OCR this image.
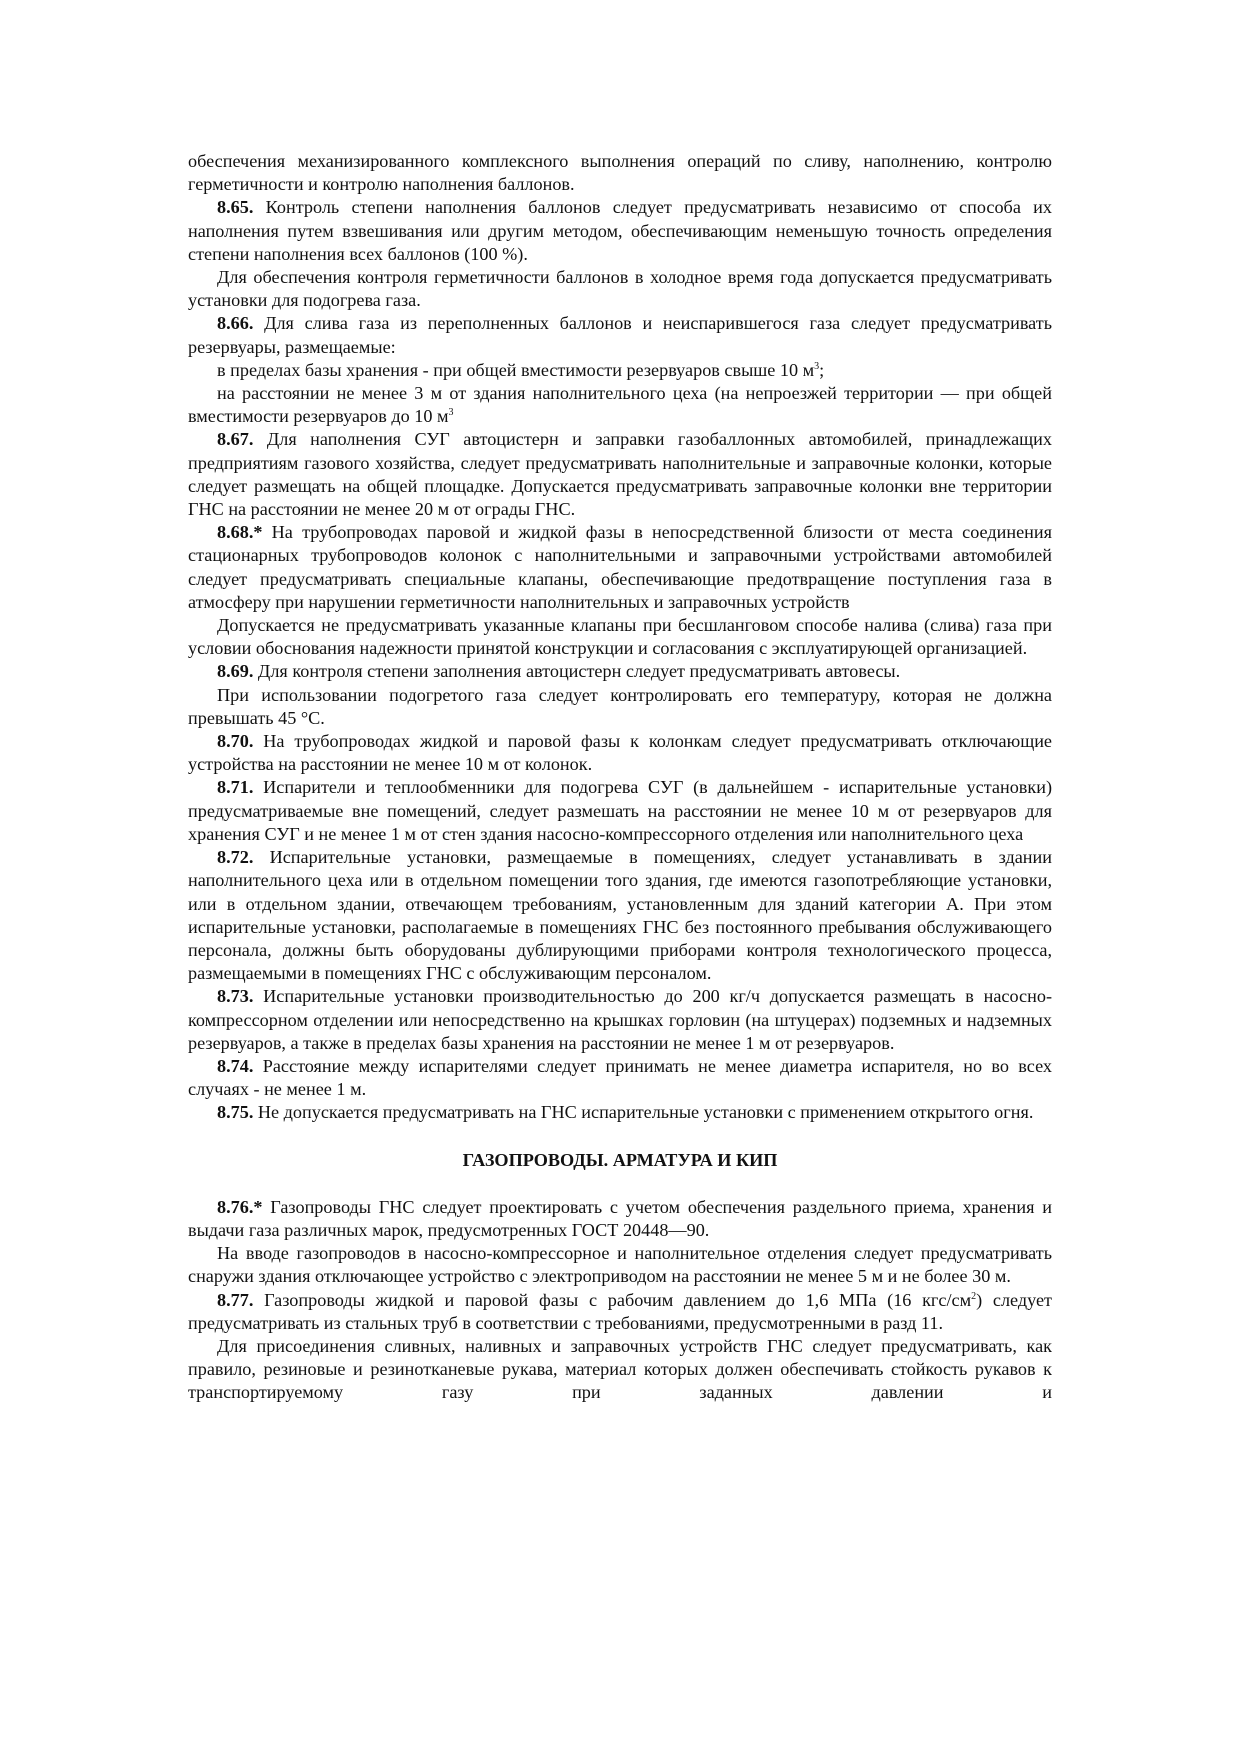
обеспечения механизированного комплексного выполнения операций по сливу, наполнению, контролю герметичности и контролю наполнения баллонов.

8.65. Контроль степени наполнения баллонов следует предусматривать независимо от способа их наполнения путем взвешивания или другим методом, обеспечивающим неменьшую точность определения степени наполнения всех баллонов (100 %).

Для обеспечения контроля герметичности баллонов в холодное время года допускается предусматривать установки для подогрева газа.

8.66. Для слива газа из переполненных баллонов и неиспарившегося газа следует предусматривать резервуары, размещаемые:

в пределах базы хранения - при общей вместимости резервуаров свыше 10 $м^3$;

на расстоянии не менее 3 м от здания наполнительного цеха (на непроезжей территории — при общей вместимости резервуаров до 10 $м^3$

8.67. Для наполнения СУГ автоцистерн и заправки газобаллонных автомобилей, принадлежащих предприятиям газового хозяйства, следует предусматривать наполнительные и заправочные колонки, которые следует размещать на общей площадке. Допускается предусматривать заправочные колонки вне территории ГНС на расстоянии не менее 20 м от ограды ГНС.

8.68.* На трубопроводах паровой и жидкой фазы в непосредственной близости от места соединения стационарных трубопроводов колонок с наполнительными и заправочными устройствами автомобилей следует предусматривать специальные клапаны, обеспечивающие предотвращение поступления газа в атмосферу при нарушении герметичности наполнительных и заправочных устройств

Допускается не предусматривать указанные клапаны при бесшланговом способе налива (слива) газа при условии обоснования надежности принятой конструкции и согласования с эксплуатирующей организацией.

8.69. Для контроля степени заполнения автоцистерн следует предусматривать автовесы.

При использовании подогретого газа следует контролировать его температуру, которая не должна превышать 45 °С.

8.70. На трубопроводах жидкой и паровой фазы к колонкам следует предусматривать отключающие устройства на расстоянии не менее 10 м от колонок.

8.71. Испарители и теплообменники для подогрева СУГ (в дальнейшем - испарительные установки) предусматриваемые вне помещений, следует размешать на расстоянии не менее 10 м от резервуаров для хранения СУГ и не менее 1 м от стен здания насосно-компрессорного отделения или наполнительного цеха

8.72. Испарительные установки, размещаемые в помещениях, следует устанавливать в здании наполнительного цеха или в отдельном помещении того здания, где имеются газопотребляющие установки, или в отдельном здании, отвечающем требованиям, установленным для зданий категории А. При этом испарительные установки, располагаемые в помещениях ГНС без постоянного пребывания обслуживающего персонала, должны быть оборудованы дублирующими приборами контроля технологического процесса, размещаемыми в помещениях ГНС с обслуживающим персоналом.

8.73. Испарительные установки производительностью до 200 кг/ч допускается размещать в насосно-компрессорном отделении или непосредственно на крышках горловин (на штуцерах) подземных и надземных резервуаров, а также в пределах базы хранения на расстоянии не менее 1 м от резервуаров.

8.74. Расстояние между испарителями следует принимать не менее диаметра испарителя, но во всех случаях - не менее 1 м.

8.75. Не допускается предусматривать на ГНС испарительные установки с применением открытого огня.

ГАЗОПРОВОДЫ. АРМАТУРА И КИП

8.76.* Газопроводы ГНС следует проектировать с учетом обеспечения раздельного приема, хранения и выдачи газа различных марок, предусмотренных ГОСТ 20448—90.

На вводе газопроводов в насосно-компрессорное и наполнительное отделения следует предусматривать снаружи здания отключающее устройство с электроприводом на расстоянии не менее 5 м и не более 30 м.

8.77. Газопроводы жидкой и паровой фазы с рабочим давлением до 1,6 МПа (16 кгс/$см^2$) следует предусматривать из стальных труб в соответствии с требованиями, предусмотренными в разд 11.

Для присоединения сливных, наливных и заправочных устройств ГНС следует предусматривать, как правило, резиновые и резинотканевые рукава, материал которых должен обеспечивать стойкость рукавов к транспортируемому газу при заданных давлении и
